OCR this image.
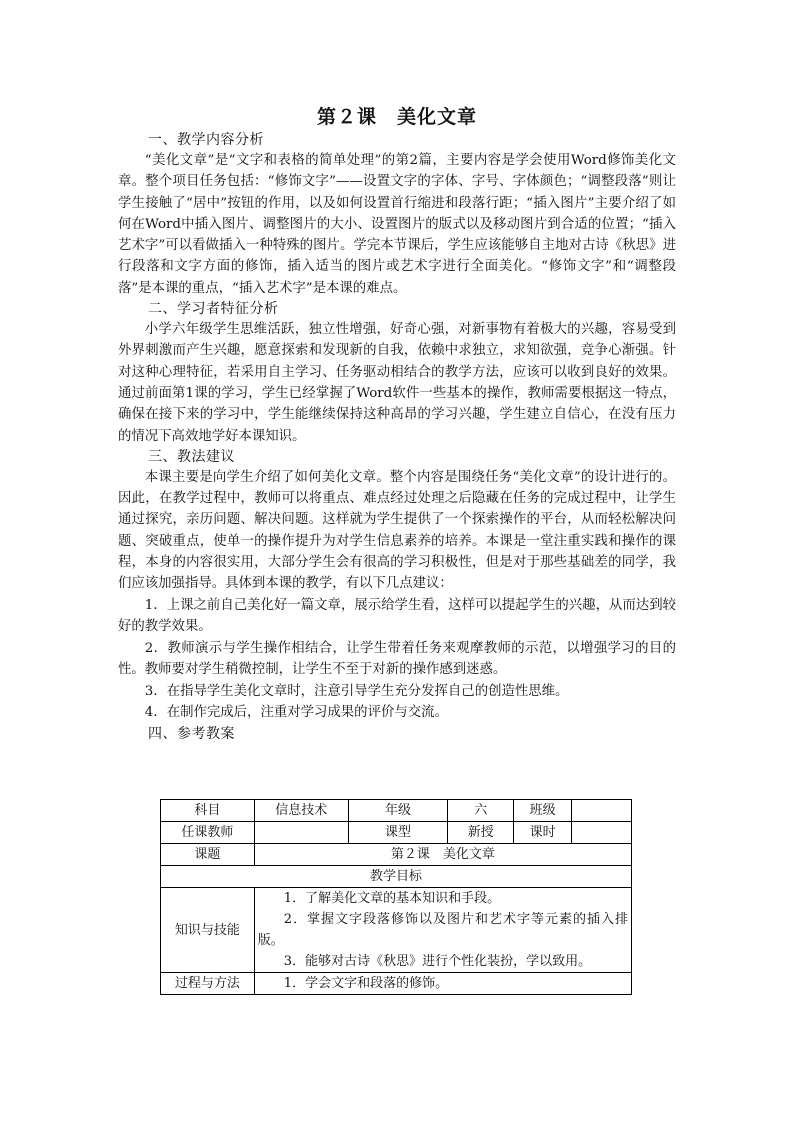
第２课　美化文章

一、教学内容分析

“美化文章”是“文字和表格的简单处理”的第2篇，主要内容是学会使用Word修饰美化文章。整个项目任务包括：“修饰文字”——设置文字的字体、字号、字体颜色；“调整段落”则让学生接触了“居中”按钮的作用，以及如何设置首行缩进和段落行距；“插入图片”主要介绍了如何在Word中插入图片、调整图片的大小、设置图片的版式以及移动图片到合适的位置；“插入艺术字”可以看做插入一种特殊的图片。学完本节课后，学生应该能够自主地对古诗《秋思》进行段落和文字方面的修饰，插入适当的图片或艺术字进行全面美化。“修饰文字”和“调整段落”是本课的重点，“插入艺术字”是本课的难点。

二、学习者特征分析

小学六年级学生思维活跃，独立性增强，好奇心强，对新事物有着极大的兴趣，容易受到外界刺激而产生兴趣，愿意探索和发现新的自我，依赖中求独立，求知欲强，竞争心渐强。针对这种心理特征，若采用自主学习、任务驱动相结合的教学方法，应该可以收到良好的效果。通过前面第1课的学习，学生已经掌握了Word软件一些基本的操作，教师需要根据这一特点，确保在接下来的学习中，学生能继续保持这种高昂的学习兴趣，学生建立自信心，在没有压力的情况下高效地学好本课知识。

三、教法建议

本课主要是向学生介绍了如何美化文章。整个内容是围绕任务“美化文章”的设计进行的。因此，在教学过程中，教师可以将重点、难点经过处理之后隐藏在任务的完成过程中，让学生通过探究，亲历问题、解决问题。这样就为学生提供了一个探索操作的平台，从而轻松解决问题、突破重点，使单一的操作提升为对学生信息素养的培养。本课是一堂注重实践和操作的课程，本身的内容很实用，大部分学生会有很高的学习积极性，但是对于那些基础差的同学，我们应该加强指导。具体到本课的教学，有以下几点建议：

1．上课之前自己美化好一篇文章，展示给学生看，这样可以提起学生的兴趣，从而达到较好的教学效果。

2．教师演示与学生操作相结合，让学生带着任务来观摩教师的示范，以增强学习的目的性。教师要对学生稍微控制，让学生不至于对新的操作感到迷惑。

3．在指导学生美化文章时，注意引导学生充分发挥自己的创造性思维。

4．在制作完成后，注重对学习成果的评价与交流。

四、参考教案

科目	信息技术	年级	六	班级	
任课教师		课型	新授	课时	
课题	第２课　美化文章				
教学目标					
知识与技能	1．了解美化文章的基本知识和手段。

2．掌握文字段落修饰以及图片和艺术字等元素的插入排版。

3．能够对古诗《秋思》进行个性化装扮，学以致用。				

过程与方法	1．学会文字和段落的修饰。				
